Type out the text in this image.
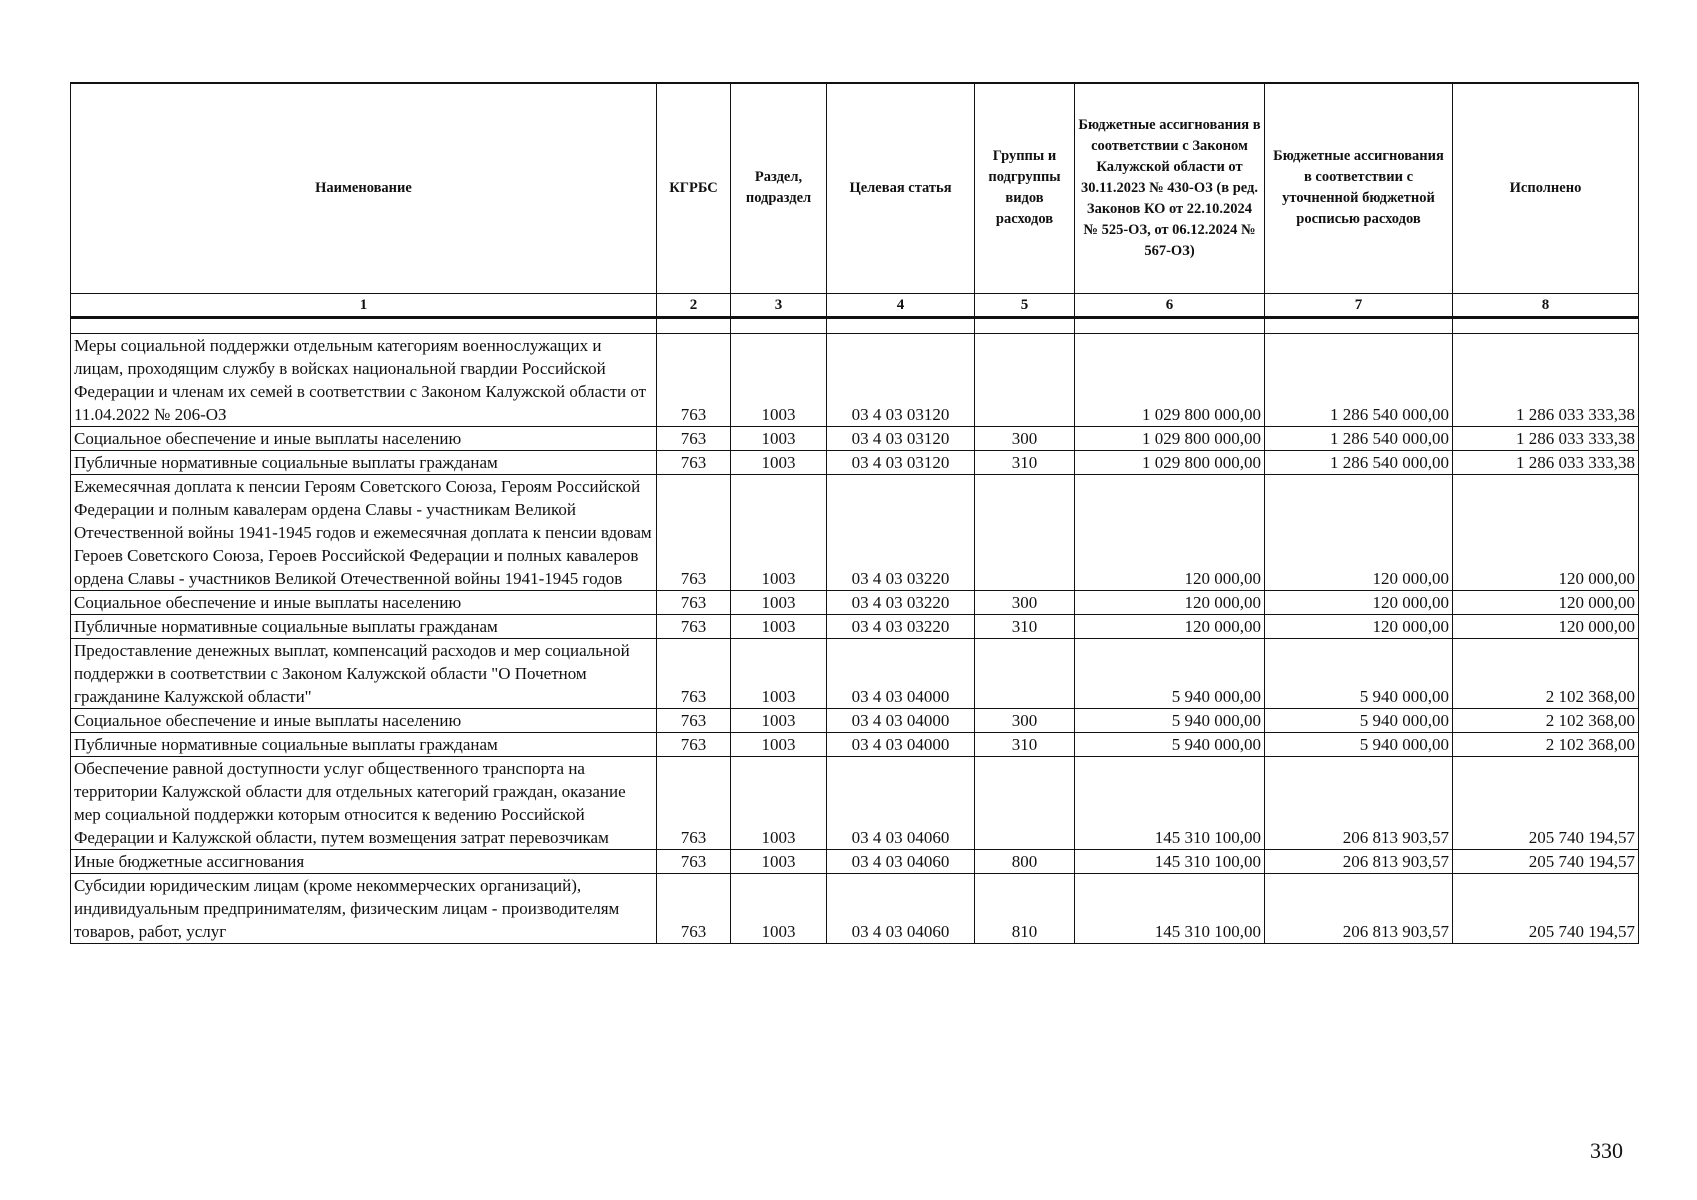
Наименование	КГРБС	Раздел, подраздел	Целевая статья	Группы и подгруппы видов расходов	Бюджетные ассигнования в соответствии с Законом Калужской области от 30.11.2023 № 430-ОЗ (в ред. Законов КО от 22.10.2024 № 525-ОЗ, от 06.12.2024 № 567-ОЗ)	Бюджетные ассигнования в соответствии с уточненной бюджетной росписью расходов	Исполнено
1	2	3	4	5	6	7	8

Меры социальной поддержки отдельным категориям военнослужащих и лицам, проходящим службу в войсках национальной гвардии Российской Федерации и членам их семей в соответствии с Законом Калужской области от 11.04.2022 № 206-ОЗ	763	1003	03 4 03 03120		1 029 800 000,00	1 286 540 000,00	1 286 033 333,38
Социальное обеспечение и иные выплаты населению	763	1003	03 4 03 03120	300	1 029 800 000,00	1 286 540 000,00	1 286 033 333,38
Публичные нормативные социальные выплаты гражданам	763	1003	03 4 03 03120	310	1 029 800 000,00	1 286 540 000,00	1 286 033 333,38
Ежемесячная доплата к пенсии Героям Советского Союза, Героям Российской Федерации и полным кавалерам ордена Славы - участникам Великой Отечественной войны 1941-1945 годов и ежемесячная доплата к пенсии вдовам Героев Советского Союза, Героев Российской Федерации и полных кавалеров ордена Славы - участников Великой Отечественной войны 1941-1945 годов	763	1003	03 4 03 03220		120 000,00	120 000,00	120 000,00
Социальное обеспечение и иные выплаты населению	763	1003	03 4 03 03220	300	120 000,00	120 000,00	120 000,00
Публичные нормативные социальные выплаты гражданам	763	1003	03 4 03 03220	310	120 000,00	120 000,00	120 000,00
Предоставление денежных выплат, компенсаций расходов и мер социальной поддержки в соответствии с Законом Калужской области "О Почетном гражданине Калужской области"	763	1003	03 4 03 04000		5 940 000,00	5 940 000,00	2 102 368,00
Социальное обеспечение и иные выплаты населению	763	1003	03 4 03 04000	300	5 940 000,00	5 940 000,00	2 102 368,00
Публичные нормативные социальные выплаты гражданам	763	1003	03 4 03 04000	310	5 940 000,00	5 940 000,00	2 102 368,00
Обеспечение равной доступности услуг общественного транспорта на территории Калужской области для отдельных категорий граждан, оказание мер социальной поддержки которым относится к ведению Российской Федерации и Калужской области, путем возмещения затрат перевозчикам	763	1003	03 4 03 04060		145 310 100,00	206 813 903,57	205 740 194,57
Иные бюджетные ассигнования	763	1003	03 4 03 04060	800	145 310 100,00	206 813 903,57	205 740 194,57
Субсидии юридическим лицам (кроме некоммерческих организаций), индивидуальным предпринимателям, физическим лицам - производителям товаров, работ, услуг	763	1003	03 4 03 04060	810	145 310 100,00	206 813 903,57	205 740 194,57
330
